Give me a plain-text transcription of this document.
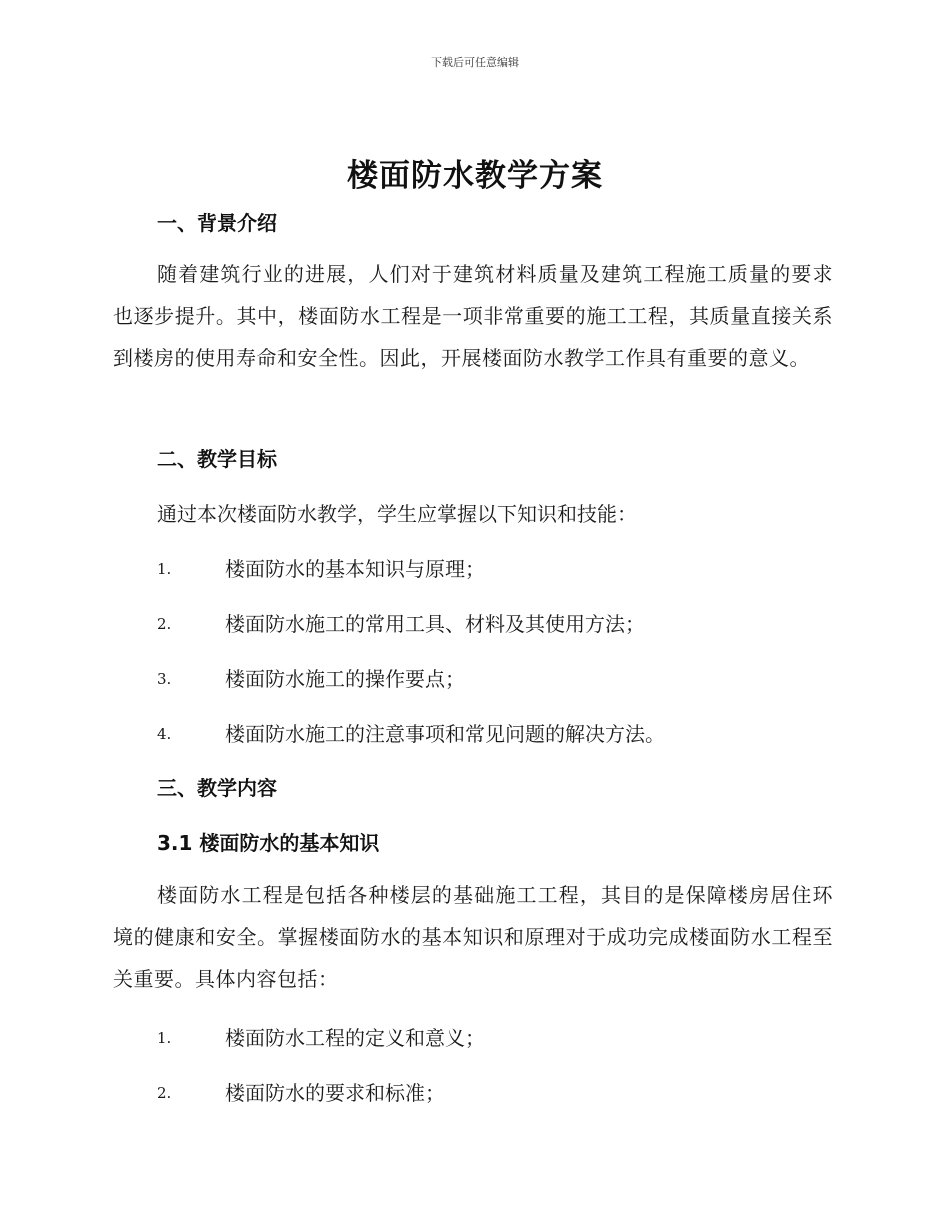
下载后可任意编辑
楼面防水教学方案
一、背景介绍
随着建筑行业的进展，人们对于建筑材料质量及建筑工程施工质量的要求也逐步提升。其中，楼面防水工程是一项非常重要的施工工程，其质量直接关系到楼房的使用寿命和安全性。因此，开展楼面防水教学工作具有重要的意义。
二、教学目标
通过本次楼面防水教学，学生应掌握以下知识和技能：
1.	楼面防水的基本知识与原理；
2.	楼面防水施工的常用工具、材料及其使用方法；
3.	楼面防水施工的操作要点；
4.	楼面防水施工的注意事项和常见问题的解决方法。
三、教学内容
3.1 楼面防水的基本知识
楼面防水工程是包括各种楼层的基础施工工程，其目的是保障楼房居住环境的健康和安全。掌握楼面防水的基本知识和原理对于成功完成楼面防水工程至关重要。具体内容包括：
1.	楼面防水工程的定义和意义；
2.	楼面防水的要求和标准；
